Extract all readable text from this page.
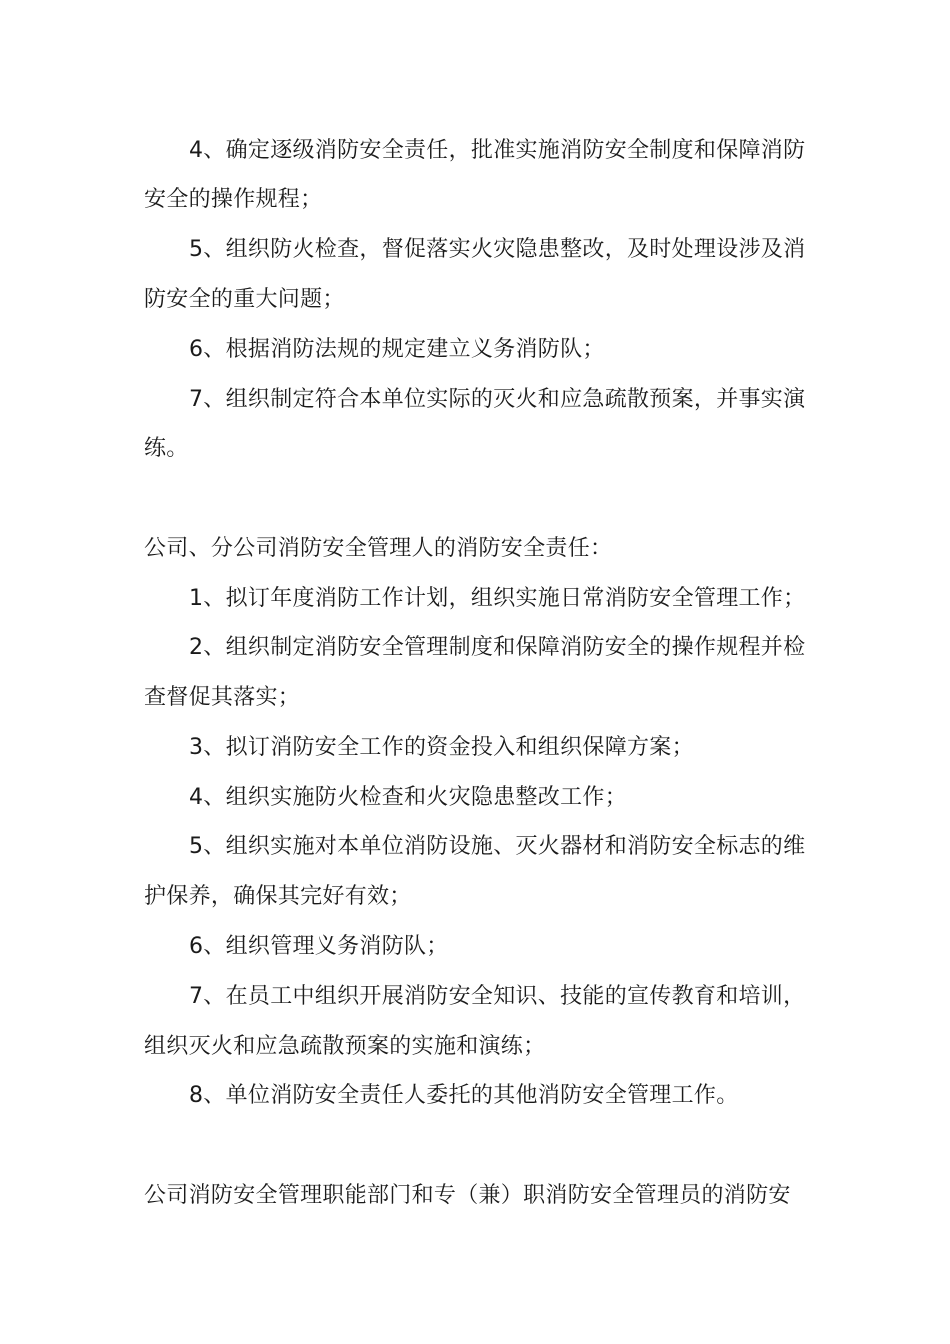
4、确定逐级消防安全责任，批准实施消防安全制度和保障消防
安全的操作规程；
5、组织防火检查，督促落实火灾隐患整改，及时处理设涉及消
防安全的重大问题；
6、根据消防法规的规定建立义务消防队；
7、组织制定符合本单位实际的灭火和应急疏散预案，并事实演
练。
公司、分公司消防安全管理人的消防安全责任：
1、拟订年度消防工作计划，组织实施日常消防安全管理工作；
2、组织制定消防安全管理制度和保障消防安全的操作规程并检
查督促其落实；
3、拟订消防安全工作的资金投入和组织保障方案；
4、组织实施防火检查和火灾隐患整改工作；
5、组织实施对本单位消防设施、灭火器材和消防安全标志的维
护保养，确保其完好有效；
6、组织管理义务消防队；
7、在员工中组织开展消防安全知识、技能的宣传教育和培训，
组织灭火和应急疏散预案的实施和演练；
8、单位消防安全责任人委托的其他消防安全管理工作。
公司消防安全管理职能部门和专（兼）职消防安全管理员的消防安
